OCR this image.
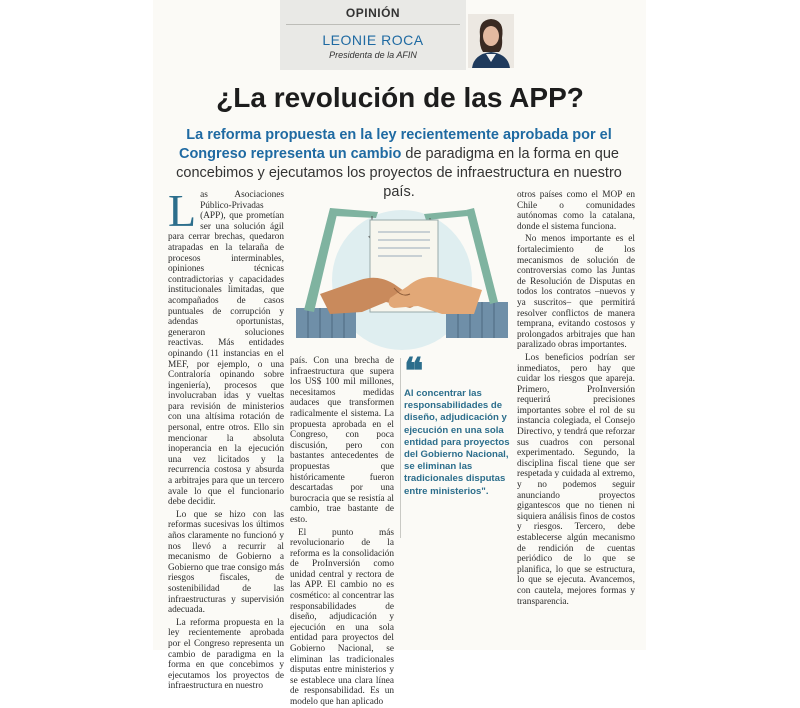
OPINIÓN
LEONIE ROCA
Presidenta de la AFIN
¿La revolución de las APP?
La reforma propuesta en la ley recientemente aprobada por el Congreso representa un cambio de paradigma en la forma en que concebimos y ejecutamos los proyectos de infraestructura en nuestro país.

Las Asociaciones Público-Privadas (APP), que prometían ser una solución ágil para cerrar brechas, quedaron atrapadas en la telaraña de procesos interminables, opiniones técnicas contradictorias y capacidades institucionales limitadas, que acompañados de casos puntuales de corrupción y adendas oportunistas, generaron soluciones reactivas. Más entidades opinando (11 instancias en el MEF, por ejemplo, o una Contraloría opinando sobre ingeniería), procesos que involucraban idas y vueltas para revisión de ministerios con una altísima rotación de personal, entre otros. Ello sin mencionar la absoluta inoperancia en la ejecución una vez licitados y la recurrencia costosa y absurda a arbitrajes para que un tercero avale lo que el funcionario debe decidir.

Lo que se hizo con las reformas sucesivas los últimos años claramente no funcionó y nos llevó a recurrir al mecanismo de Gobierno a Gobierno que trae consigo más riesgos fiscales, de sostenibilidad de las infraestructuras y supervisión adecuada.

La reforma propuesta en la ley recientemente aprobada por el Congreso representa un cambio de paradigma en la forma en que concebimos y ejecutamos los proyectos de infraestructura en nuestro

país. Con una brecha de infraestructura que supera los US$ 100 mil millones, necesitamos medidas audaces que transformen radicalmente el sistema. La propuesta aprobada en el Congreso, con poca discusión, pero con bastantes antecedentes de propuestas que históricamente fueron descartadas por una burocracia que se resistía al cambio, trae bastante de esto.

El punto más revolucionario de la reforma es la consolidación de ProInversión como unidad central y rectora de las APP. El cambio no es cosmético: al concentrar las responsabilidades de diseño, adjudicación y ejecución en una sola entidad para proyectos del Gobierno Nacional, se eliminan las tradicionales disputas entre ministerios y se establece una clara línea de responsabilidad. Es un modelo que han aplicado

❝
Al concentrar las responsabilidades de diseño, adjudicación y ejecución en una sola entidad para proyectos del Gobierno Nacional, se eliminan las tradicionales disputas entre ministerios".

otros países como el MOP en Chile o comunidades autónomas como la catalana, donde el sistema funciona.

No menos importante es el fortalecimiento de los mecanismos de solución de controversias como las Juntas de Resolución de Disputas en todos los contratos –nuevos y ya suscritos– que permitirá resolver conflictos de manera temprana, evitando costosos y prolongados arbitrajes que han paralizado obras importantes.

Los beneficios podrían ser inmediatos, pero hay que cuidar los riesgos que apareja. Primero, ProInversión requerirá precisiones importantes sobre el rol de su instancia colegiada, el Consejo Directivo, y tendrá que reforzar sus cuadros con personal experimentado. Segundo, la disciplina fiscal tiene que ser respetada y cuidada al extremo, y no podemos seguir anunciando proyectos gigantescos que no tienen ni siquiera análisis finos de costos y riesgos. Tercero, debe establecerse algún mecanismo de rendición de cuentas periódico de lo que se planifica, lo que se estructura, lo que se ejecuta. Avancemos, con cautela, mejores formas y transparencia.
